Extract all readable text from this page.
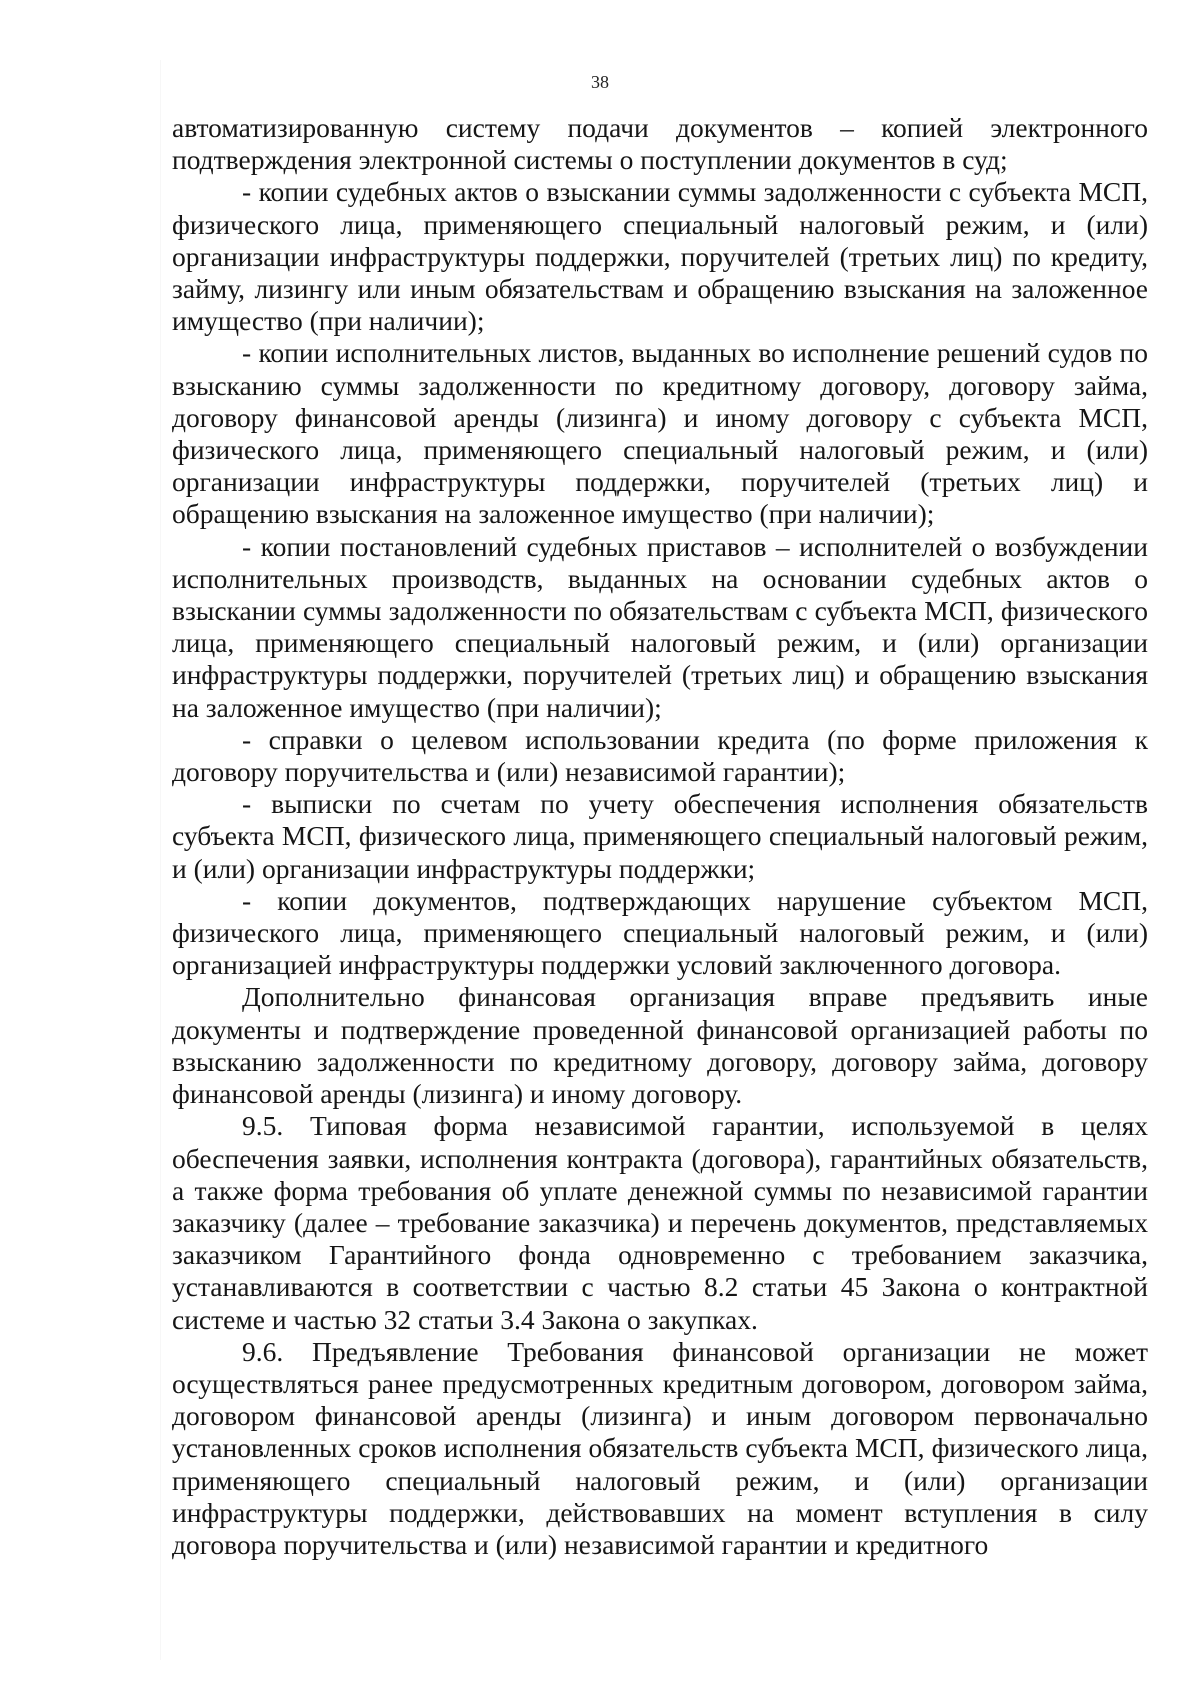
38

автоматизированную систему подачи документов – копией электронного подтверждения электронной системы о поступлении документов в суд;

- копии судебных актов о взыскании суммы задолженности с субъекта МСП, физического лица, применяющего специальный налоговый режим, и (или) организации инфраструктуры поддержки, поручителей (третьих лиц) по кредиту, займу, лизингу или иным обязательствам и обращению взыскания на заложенное имущество (при наличии);

- копии исполнительных листов, выданных во исполнение решений судов по взысканию суммы задолженности по кредитному договору, договору займа, договору финансовой аренды (лизинга) и иному договору с субъекта МСП, физического лица, применяющего специальный налоговый режим, и (или) организации инфраструктуры поддержки, поручителей (третьих лиц) и обращению взыскания на заложенное имущество (при наличии);

- копии постановлений судебных приставов – исполнителей о возбуждении исполнительных производств, выданных на основании судебных актов о взыскании суммы задолженности по обязательствам с субъекта МСП, физического лица, применяющего специальный налоговый режим, и (или) организации инфраструктуры поддержки, поручителей (третьих лиц) и обращению взыскания на заложенное имущество (при наличии);

- справки о целевом использовании кредита (по форме приложения к договору поручительства и (или) независимой гарантии);

- выписки по счетам по учету обеспечения исполнения обязательств субъекта МСП, физического лица, применяющего специальный налоговый режим, и (или) организации инфраструктуры поддержки;

- копии документов, подтверждающих нарушение субъектом МСП, физического лица, применяющего специальный налоговый режим, и (или) организацией инфраструктуры поддержки условий заключенного договора.

Дополнительно финансовая организация вправе предъявить иные документы и подтверждение проведенной финансовой организацией работы по взысканию задолженности по кредитному договору, договору займа, договору финансовой аренды (лизинга) и иному договору.

9.5. Типовая форма независимой гарантии, используемой в целях обеспечения заявки, исполнения контракта (договора), гарантийных обязательств, а также форма требования об уплате денежной суммы по независимой гарантии заказчику (далее – требование заказчика) и перечень документов, представляемых заказчиком Гарантийного фонда одновременно с требованием заказчика, устанавливаются в соответствии с частью 8.2 статьи 45 Закона о контрактной системе и частью 32 статьи 3.4 Закона о закупках.

9.6. Предъявление Требования финансовой организации не может осуществляться ранее предусмотренных кредитным договором, договором займа, договором финансовой аренды (лизинга) и иным договором первоначально установленных сроков исполнения обязательств субъекта МСП, физического лица, применяющего специальный налоговый режим, и (или) организации инфраструктуры поддержки, действовавших на момент вступления в силу договора поручительства и (или) независимой гарантии и кредитного
